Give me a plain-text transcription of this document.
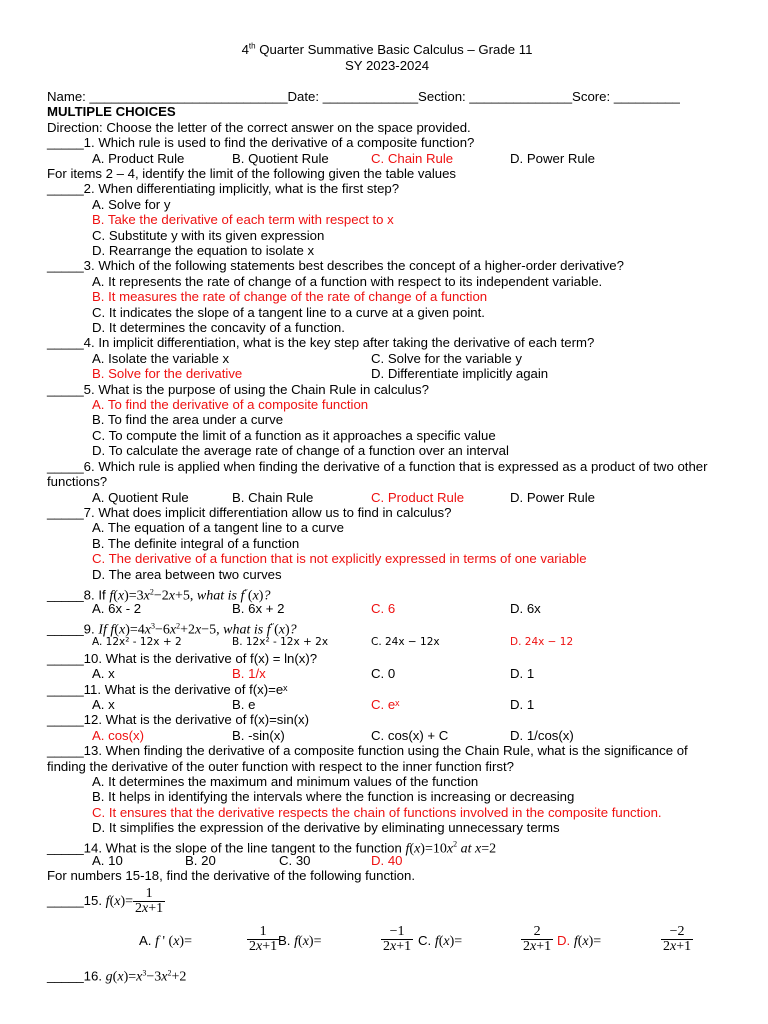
4th Quarter Summative Basic Calculus – Grade 11
SY 2023-2024
Name: ___________________________Date: _____________Section: ______________Score: _________
MULTIPLE CHOICES
Direction: Choose the letter of the correct answer on the space provided.
_____1. Which rule is used to find the derivative of a composite function?
A. Product Rule	B. Quotient Rule	C. Chain Rule	D. Power Rule
For items 2 – 4, identify the limit of the following given the table values
_____2. When differentiating implicitly, what is the first step?
A. Solve for y
B. Take the derivative of each term with respect to x
C. Substitute y with its given expression
D. Rearrange the equation to isolate x
_____3. Which of the following statements best describes the concept of a higher-order derivative?
A. It represents the rate of change of a function with respect to its independent variable.
B. It measures the rate of change of the rate of change of a function
C. It indicates the slope of a tangent line to a curve at a given point.
D. It determines the concavity of a function.
_____4. In implicit differentiation, what is the key step after taking the derivative of each term?
A. Isolate the variable x	C. Solve for the variable y
B. Solve for the derivative	D. Differentiate implicitly again
_____5. What is the purpose of using the Chain Rule in calculus?
A. To find the derivative of a composite function
B. To find the area under a curve
C. To compute the limit of a function as it approaches a specific value
D. To calculate the average rate of change of a function over an interval
_____6. Which rule is applied when finding the derivative of a function that is expressed as a product of two other functions?
A. Quotient Rule	B. Chain Rule	C. Product Rule	D. Power Rule
_____7. What does implicit differentiation allow us to find in calculus?
A. The equation of a tangent line to a curve
B. The definite integral of a function
C. The derivative of a function that is not explicitly expressed in terms of one variable
D. The area between two curves
_____8. If $f(x)=3x^2-2x+5$, what is f′′(x)?
A. 6x - 2	B. 6x + 2	C. 6	D. 6x
_____9. If $f(x)=4x^3-6x^2+2x-5$, what is f′′(x)?
A. 12x² - 12x + 2	B. 12x² - 12x + 2x	C. 24x − 12x	D. 24x − 12
_____10. What is the derivative of f(x) = ln(x)?
A. x	B. 1/x	C. 0	D. 1
_____11. What is the derivative of f(x)=eˣ
A. x	B. e	C. eˣ	D. 1
_____12. What is the derivative of f(x)=sin(x)
A. cos(x)	B. -sin(x)	C. cos(x) + C	D. 1/cos(x)
_____13. When finding the derivative of a composite function using the Chain Rule, what is the significance of finding the derivative of the outer function with respect to the inner function first?
A. It determines the maximum and minimum values of the function
B. It helps in identifying the intervals where the function is increasing or decreasing
C. It ensures that the derivative respects the chain of functions involved in the composite function.
D. It simplifies the expression of the derivative by eliminating unnecessary terms
_____14. What is the slope of the line tangent to the function $f(x)=10x^2$ at x=2
A. 10	B. 20	C. 30	D. 40
For numbers 15-18, find the derivative of the following function.
_____15. $f(x)= \frac{1}{2x+1}$
A. f ' (x)=	$\frac{1}{2x+1}$
B. f(x)=	$\frac{-1}{2x+1} C$. f(x)=	$\frac{2}{2x+1} D$. f(x)=	$\frac{-2}{2x+1}$
_____16. $g(x)=x^3-3x^2+2$
